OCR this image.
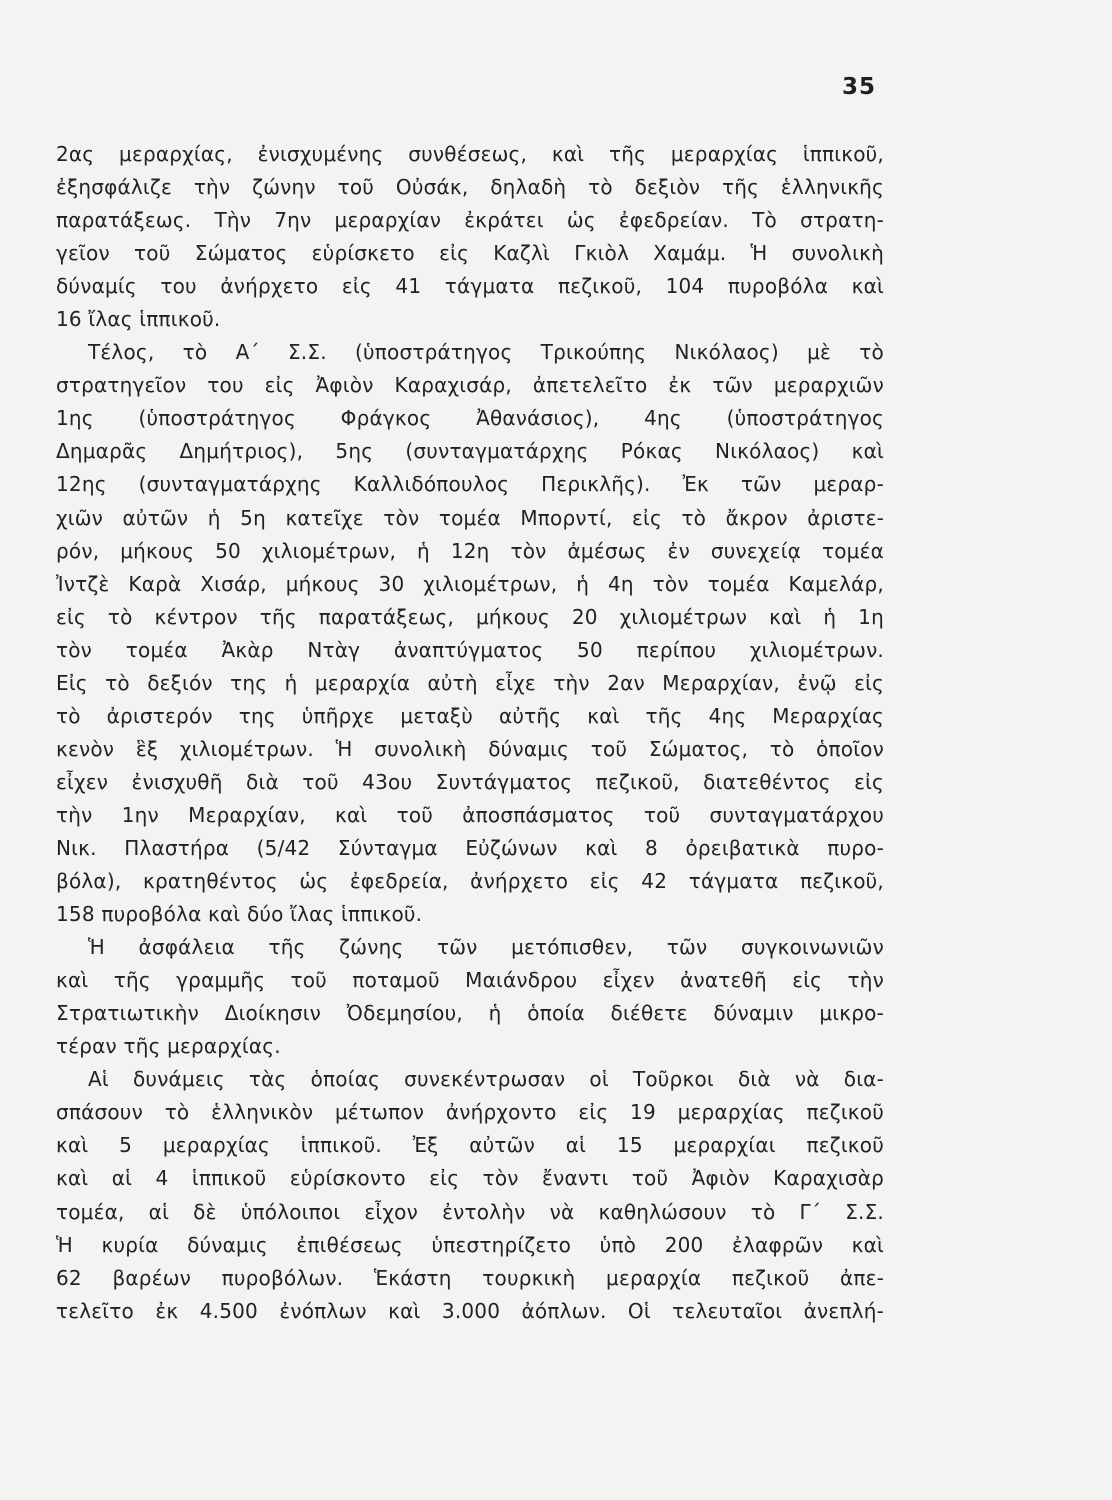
35
2ας μεραρχίας, ἐνισχυμένης συνθέσεως, καὶ τῆς μεραρχίας ἱππικοῦ,
ἐξησφάλιζε τὴν ζώνην τοῦ Οὐσάκ, δηλαδὴ τὸ δεξιὸν τῆς ἑλληνικῆς
παρατάξεως. Τὴν 7ην μεραρχίαν ἐκράτει ὡς ἐφεδρείαν. Τὸ στρατη-
γεῖον τοῦ Σώματος εὑρίσκετο εἰς Καζλὶ Γκιὸλ Χαμάμ. Ἡ συνολικὴ
δύναμίς του ἀνήρχετο εἰς 41 τάγματα πεζικοῦ, 104 πυροβόλα καὶ
16 ἴλας ἱππικοῦ.
Τέλος, τὸ Α΄ Σ.Σ. (ὑποστράτηγος Τρικούπης Νικόλαος) μὲ τὸ
στρατηγεῖον του εἰς Ἀφιὸν Καραχισάρ, ἀπετελεῖτο ἐκ τῶν μεραρχιῶν
1ης (ὑποστράτηγος Φράγκος Ἀθανάσιος), 4ης (ὑποστράτηγος
Δημαρᾶς Δημήτριος), 5ης (συνταγματάρχης Ρόκας Νικόλαος) καὶ
12ης (συνταγματάρχης Καλλιδόπουλος Περικλῆς). Ἐκ τῶν μεραρ-
χιῶν αὐτῶν ἡ 5η κατεῖχε τὸν τομέα Μπορντί, εἰς τὸ ἄκρον ἀριστε-
ρόν, μήκους 50 χιλιομέτρων, ἡ 12η τὸν ἀμέσως ἐν συνεχείᾳ τομέα
Ἰντζὲ Καρὰ Χισάρ, μήκους 30 χιλιομέτρων, ἡ 4η τὸν τομέα Καμελάρ,
εἰς τὸ κέντρον τῆς παρατάξεως, μήκους 20 χιλιομέτρων καὶ ἡ 1η
τὸν τομέα Ἀκὰρ Ντὰγ ἀναπτύγματος 50 περίπου χιλιομέτρων.
Εἰς τὸ δεξιόν της ἡ μεραρχία αὐτὴ εἶχε τὴν 2αν Μεραρχίαν, ἐνῷ εἰς
τὸ ἀριστερόν της ὑπῆρχε μεταξὺ αὐτῆς καὶ τῆς 4ης Μεραρχίας
κενὸν ἓξ χιλιομέτρων. Ἡ συνολικὴ δύναμις τοῦ Σώματος, τὸ ὁποῖον
εἶχεν ἐνισχυθῆ διὰ τοῦ 43ου Συντάγματος πεζικοῦ, διατεθέντος εἰς
τὴν 1ην Μεραρχίαν, καὶ τοῦ ἀποσπάσματος τοῦ συνταγματάρχου
Νικ. Πλαστήρα (5/42 Σύνταγμα Εὐζώνων καὶ 8 ὀρειβατικὰ πυρο-
βόλα), κρατηθέντος ὡς ἐφεδρεία, ἀνήρχετο εἰς 42 τάγματα πεζικοῦ,
158 πυροβόλα καὶ δύο ἴλας ἱππικοῦ.
Ἡ ἀσφάλεια τῆς ζώνης τῶν μετόπισθεν, τῶν συγκοινωνιῶν
καὶ τῆς γραμμῆς τοῦ ποταμοῦ Μαιάνδρου εἶχεν ἀνατεθῆ εἰς τὴν
Στρατιωτικὴν Διοίκησιν Ὀδεμησίου, ἡ ὁποία διέθετε δύναμιν μικρο-
τέραν τῆς μεραρχίας.
Αἱ δυνάμεις τὰς ὁποίας συνεκέντρωσαν οἱ Τοῦρκοι διὰ νὰ δια-
σπάσουν τὸ ἑλληνικὸν μέτωπον ἀνήρχοντο εἰς 19 μεραρχίας πεζικοῦ
καὶ 5 μεραρχίας ἱππικοῦ. Ἐξ αὐτῶν αἱ 15 μεραρχίαι πεζικοῦ
καὶ αἱ 4 ἱππικοῦ εὑρίσκοντο εἰς τὸν ἔναντι τοῦ Ἀφιὸν Καραχισὰρ
τομέα, αἱ δὲ ὑπόλοιποι εἶχον ἐντολὴν νὰ καθηλώσουν τὸ Γ΄ Σ.Σ.
Ἡ κυρία δύναμις ἐπιθέσεως ὑπεστηρίζετο ὑπὸ 200 ἐλαφρῶν καὶ
62 βαρέων πυροβόλων. Ἑκάστη τουρκικὴ μεραρχία πεζικοῦ ἀπε-
τελεῖτο ἐκ 4.500 ἐνόπλων καὶ 3.000 ἀόπλων. Οἱ τελευταῖοι ἀνεπλή-
